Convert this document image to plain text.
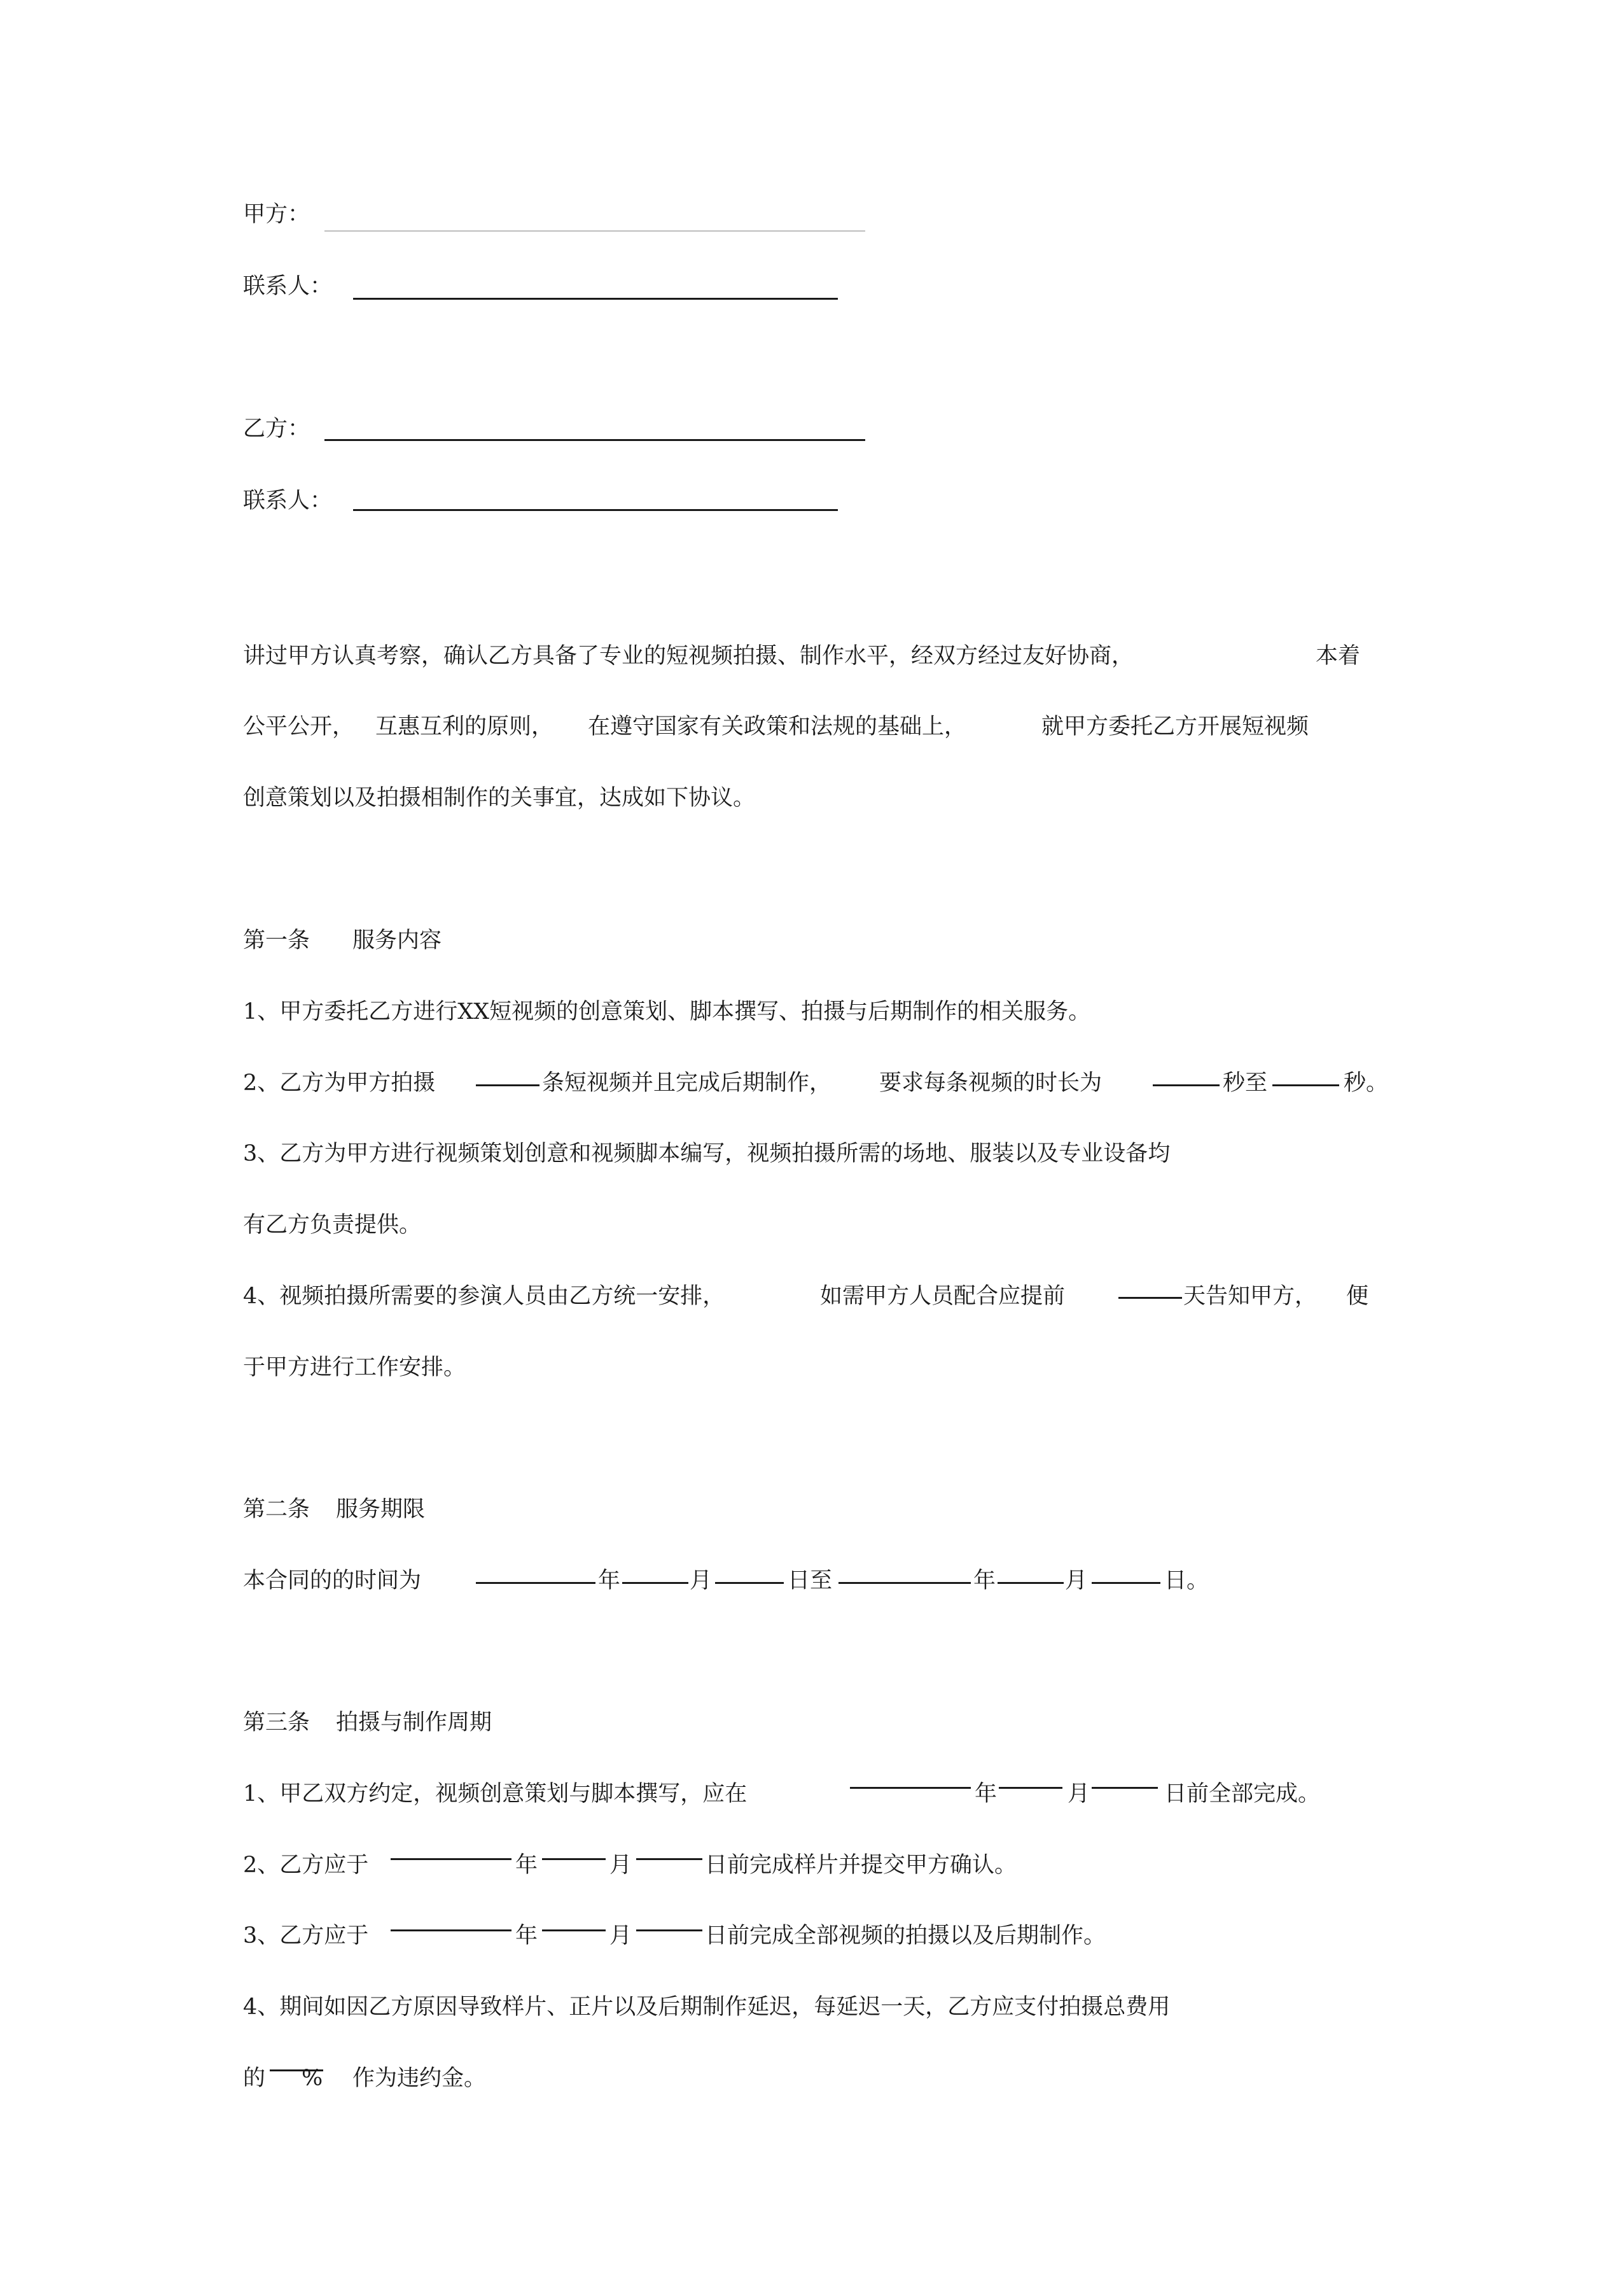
甲方：
联系人：
乙方：
联系人：
讲过甲方认真考察，确认乙方具备了专业的短视频拍摄、制作水平，经双方经过友好协商，	本着
公平公开， 互惠互利的原则， 在遵守国家有关政策和法规的基础上，	就甲方委托乙方开展短视频
创意策划以及拍摄相制作的关事宜，达成如下协议。
第一条 服务内容
1、甲方委托乙方进行XX短视频的创意策划、脚本撰写、拍摄与后期制作的相关服务。
2、乙方为甲方拍摄	条短视频并且完成后期制作， 要求每条视频的时长为	秒至	秒。
3、乙方为甲方进行视频策划创意和视频脚本编写，视频拍摄所需的场地、服装以及专业设备均
有乙方负责提供。
4、视频拍摄所需要的参演人员由乙方统一安排，	如需甲方人员配合应提前	天告知甲方， 便
于甲方进行工作安排。
第二条 服务期限
本合同的的时间为	年	月	日至	年	月	日。
第三条 拍摄与制作周期
1、甲乙双方约定，视频创意策划与脚本撰写，应在	年	月	日前全部完成。
2、乙方应于	年	月	日前完成样片并提交甲方确认。
3、乙方应于	年	月	日前完成全部视频的拍摄以及后期制作。
4、期间如因乙方原因导致样片、正片以及后期制作延迟，每延迟一天，乙方应支付拍摄总费用
的 % 作为违约金。
